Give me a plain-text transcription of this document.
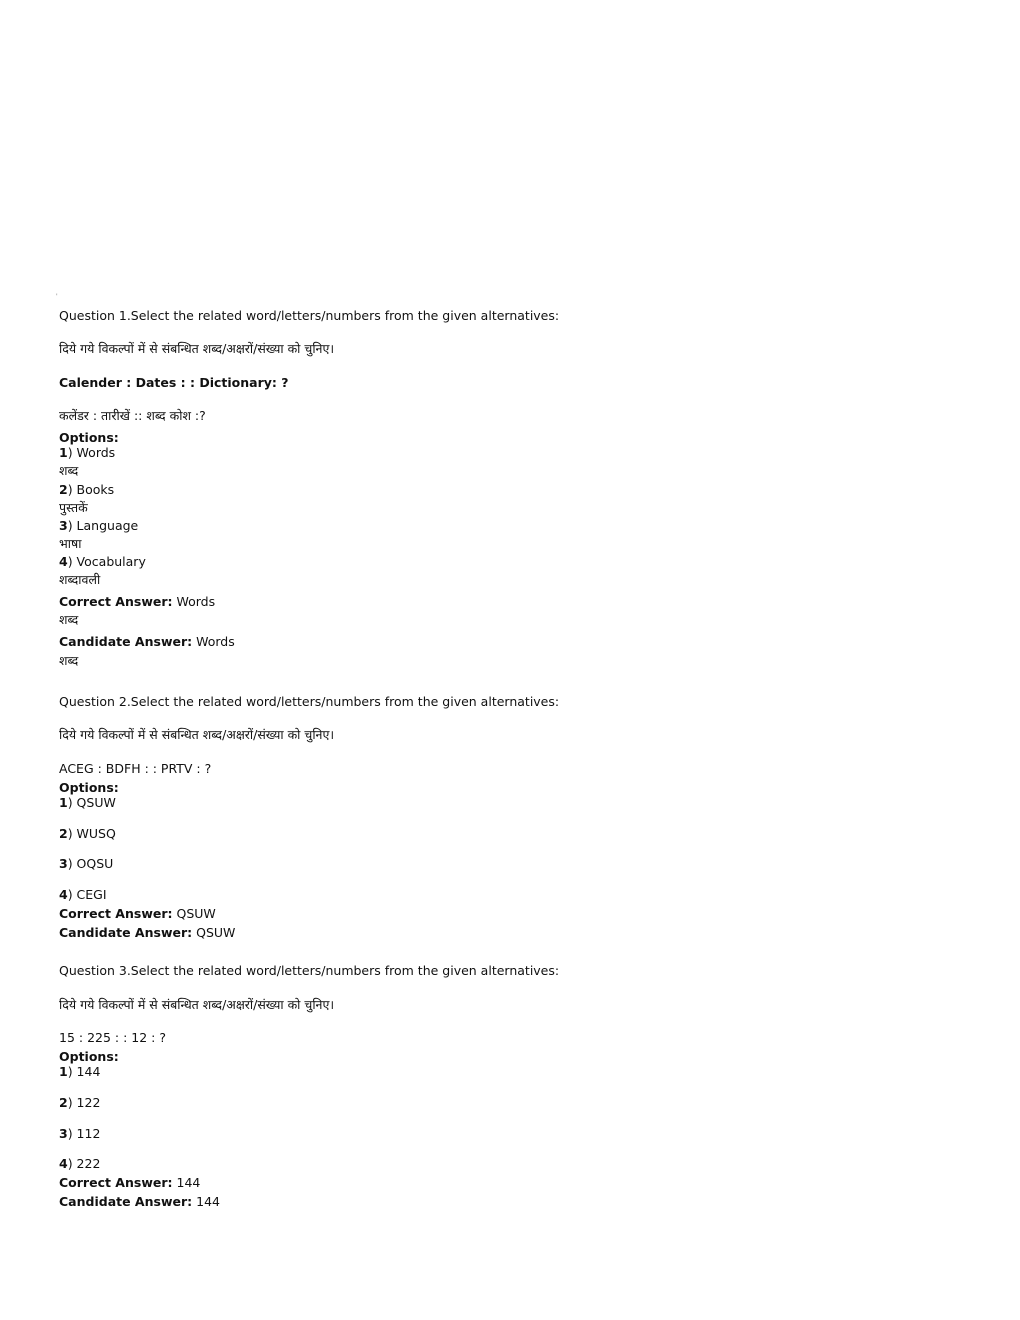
'
Question 1.Select the related word/letters/numbers from the given alternatives:
दिये गये विकल्पों में से संबन्धित शब्द/अक्षरों/संख्या को चुनिए।
Calender : Dates : : Dictionary: ?
कलेंडर : तारीखें :: शब्द कोश :?
Options:
1) Words
शब्द
2) Books
पुस्तकें
3) Language
भाषा
4) Vocabulary
शब्दावली
Correct Answer: Words
शब्द
Candidate Answer: Words
शब्द
Question 2.Select the related word/letters/numbers from the given alternatives:
दिये गये विकल्पों में से संबन्धित शब्द/अक्षरों/संख्या को चुनिए।
ACEG : BDFH : : PRTV : ?
Options:
1) QSUW
2) WUSQ
3) OQSU
4) CEGI
Correct Answer: QSUW
Candidate Answer: QSUW
Question 3.Select the related word/letters/numbers from the given alternatives:
दिये गये विकल्पों में से संबन्धित शब्द/अक्षरों/संख्या को चुनिए।
15 : 225 : : 12 : ?
Options:
1) 144
2) 122
3) 112
4) 222
Correct Answer: 144
Candidate Answer: 144
